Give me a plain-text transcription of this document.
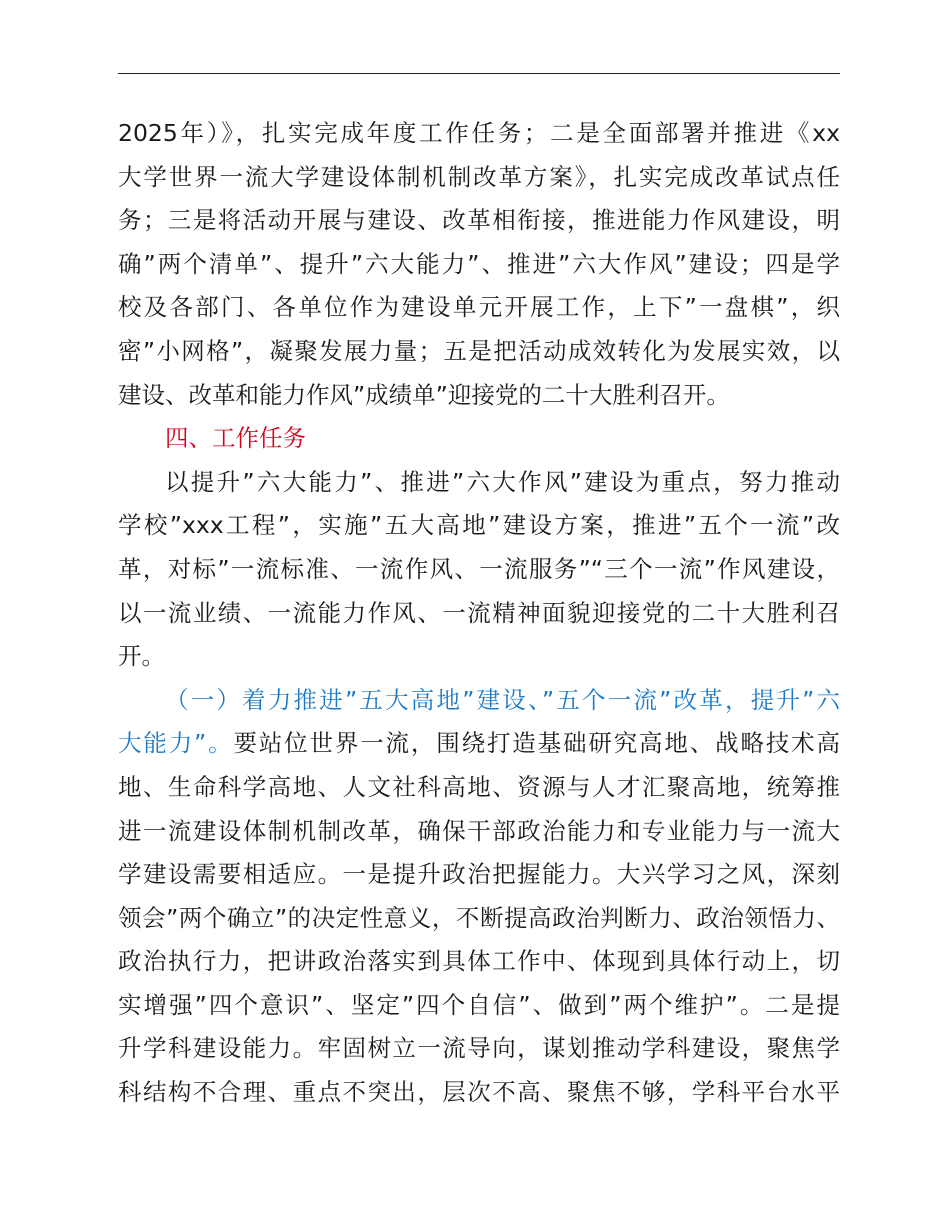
2025年）》，扎实完成年度工作任务；二是全面部署并推进《xx
大学世界一流大学建设体制机制改革方案》，扎实完成改革试点任
务；三是将活动开展与建设、改革相衔接，推进能力作风建设，明
确”两个清单”、提升”六大能力”、推进”六大作风”建设；四是学
校及各部门、各单位作为建设单元开展工作，上下”一盘棋”，织
密”小网格”，凝聚发展力量；五是把活动成效转化为发展实效，以
建设、改革和能力作风”成绩单”迎接党的二十大胜利召开。
四、工作任务
以提升”六大能力”、推进”六大作风”建设为重点，努力推动
学校”xxx工程”，实施”五大高地”建设方案，推进”五个一流”改
革，对标”一流标准、一流作风、一流服务”“三个一流”作风建设，
以一流业绩、一流能力作风、一流精神面貌迎接党的二十大胜利召
开。
（一）着力推进”五大高地”建设、”五个一流”改革，提升”六
大能力”。要站位世界一流，围绕打造基础研究高地、战略技术高
地、生命科学高地、人文社科高地、资源与人才汇聚高地，统筹推
进一流建设体制机制改革，确保干部政治能力和专业能力与一流大
学建设需要相适应。一是提升政治把握能力。大兴学习之风，深刻
领会”两个确立”的决定性意义，不断提高政治判断力、政治领悟力、
政治执行力，把讲政治落实到具体工作中、体现到具体行动上，切
实增强”四个意识”、坚定”四个自信”、做到”两个维护”。二是提
升学科建设能力。牢固树立一流导向，谋划推动学科建设，聚焦学
科结构不合理、重点不突出，层次不高、聚焦不够，学科平台水平
